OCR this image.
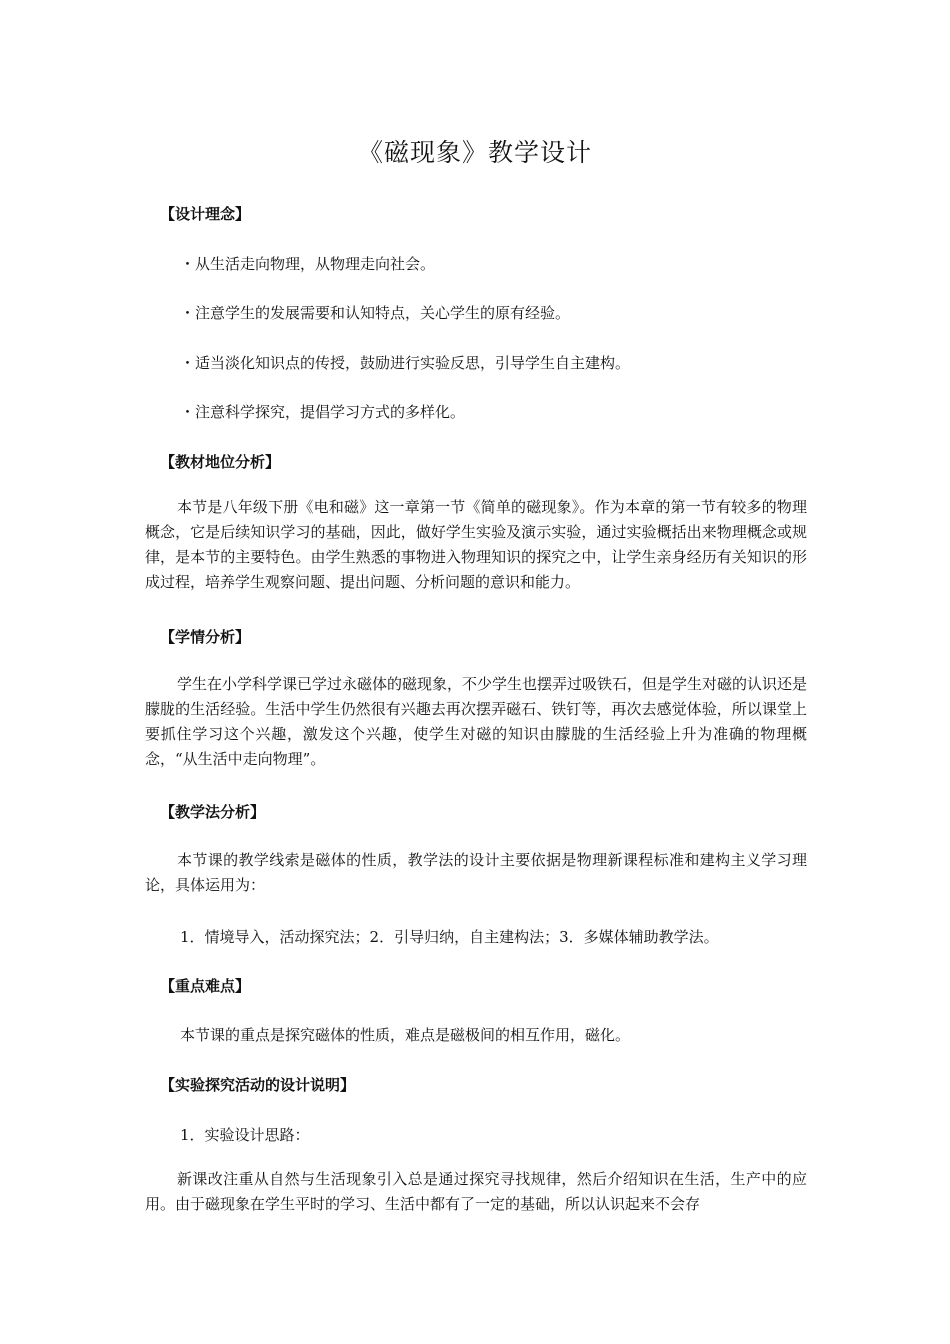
《磁现象》教学设计
【设计理念】
・从生活走向物理，从物理走向社会。
・注意学生的发展需要和认知特点，关心学生的原有经验。
・适当淡化知识点的传授，鼓励进行实验反思，引导学生自主建构。
・注意科学探究，提倡学习方式的多样化。
【教材地位分析】
本节是八年级下册《电和磁》这一章第一节《简单的磁现象》。作为本章的第一节有较多的物理概念，它是后续知识学习的基础，因此，做好学生实验及演示实验，通过实验概括出来物理概念或规律，是本节的主要特色。由学生熟悉的事物进入物理知识的探究之中，让学生亲身经历有关知识的形成过程，培养学生观察问题、提出问题、分析问题的意识和能力。
【学情分析】
学生在小学科学课已学过永磁体的磁现象，不少学生也摆弄过吸铁石，但是学生对磁的认识还是朦胧的生活经验。生活中学生仍然很有兴趣去再次摆弄磁石、铁钉等，再次去感觉体验，所以课堂上要抓住学习这个兴趣，激发这个兴趣，使学生对磁的知识由朦胧的生活经验上升为准确的物理概念，“从生活中走向物理”。
【教学法分析】
本节课的教学线索是磁体的性质，教学法的设计主要依据是物理新课程标准和建构主义学习理论，具体运用为：
1．情境导入，活动探究法；2．引导归纳，自主建构法；3．多媒体辅助教学法。
【重点难点】
本节课的重点是探究磁体的性质，难点是磁极间的相互作用，磁化。
【实验探究活动的设计说明】
1．实验设计思路：
新课改注重从自然与生活现象引入总是通过探究寻找规律，然后介绍知识在生活，生产中的应用。由于磁现象在学生平时的学习、生活中都有了一定的基础，所以认识起来不会存
